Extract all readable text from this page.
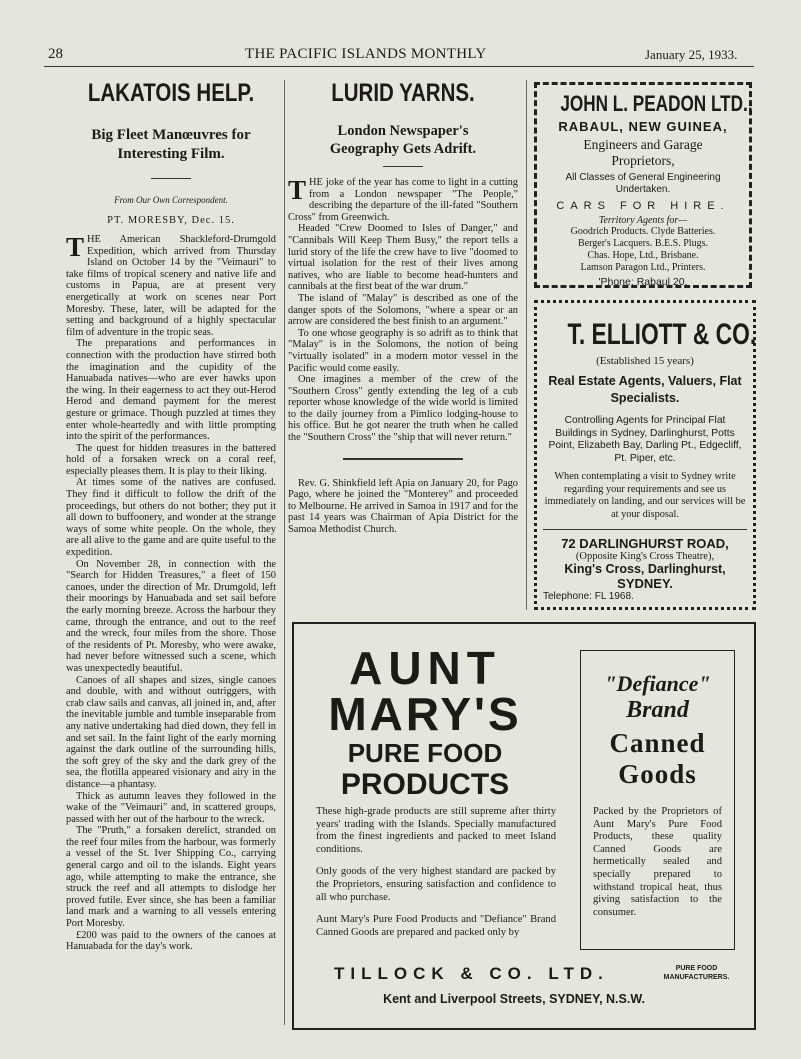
28	THE PACIFIC ISLANDS MONTHLY	January 25, 1933.
LAKATOIS HELP.
Big Fleet Manœuvres for Interesting Film.
From Our Own Correspondent.
PT. MORESBY, Dec. 15.

THE American Shackleford-Drumgold Expedition, which arrived from Thursday Island on October 14 by the "Veimauri" to take films of tropical scenery and native life and customs in Papua, are at present very energetically at work on scenes near Port Moresby. These, later, will be adapted for the setting and background of a highly spectacular film of adventure in the tropic seas.

The preparations and performances in connection with the production have stirred both the imagination and the cupidity of the Hanuabada natives—who are ever hawks upon the wing. In their eagerness to act they out-Herod Herod and demand payment for the merest gesture or grimace. Though puzzled at times they enter whole-heartedly and with little prompting into the spirit of the performances.

The quest for hidden treasures in the battered hold of a forsaken wreck on a coral reef, especially pleases them. It is play to their liking.

At times some of the natives are confused. They find it difficult to follow the drift of the proceedings, but others do not bother; they put it all down to buffoonery, and wonder at the strange ways of some white people. On the whole, they are all alive to the game and are quite useful to the expedition.

On November 28, in connection with the "Search for Hidden Treasures," a fleet of 150 canoes, under the direction of Mr. Drumgold, left their moorings by Hanuabada and set sail before the early morning breeze. Across the harbour they came, through the entrance, and out to the reef and the wreck, four miles from the shore. Those of the residents of Pt. Moresby, who were awake, had never before witnessed such a scene, which was unexpectedly beautiful.

Canoes of all shapes and sizes, single canoes and double, with and without outriggers, with crab claw sails and canvas, all joined in, and, after the inevitable jumble and tumble inseparable from any native undertaking had died down, they fell in and set sail. In the faint light of the early morning against the dark outline of the surrounding hills, the soft grey of the sky and the dark grey of the sea, the flotilla appeared visionary and airy in the distance—a phantasy.

Thick as autumn leaves they followed in the wake of the "Veimauri" and, in scattered groups, passed with her out of the harbour to the wreck.

The "Pruth," a forsaken derelict, stranded on the reef four miles from the harbour, was formerly a vessel of the St. Iver Shipping Co., carrying general cargo and oil to the islands. Eight years ago, while attempting to make the entrance, she struck the reef and all attempts to dislodge her proved futile. Ever since, she has been a familiar land mark and a warning to all vessels entering Port Moresby.

£200 was paid to the owners of the canoes at Hanuabada for the day's work.

LURID YARNS.
London Newspaper's Geography Gets Adrift.

THE joke of the year has come to light in a cutting from a London newspaper "The People," describing the departure of the ill-fated "Southern Cross" from Greenwich.

Headed "Crew Doomed to Isles of Danger," and "Cannibals Will Keep Them Busy," the report tells a lurid story of the life the crew have to live "doomed to virtual isolation for the rest of their lives among natives, who are liable to become head-hunters and cannibals at the first beat of the war drum."

The island of "Malay" is described as one of the danger spots of the Solomons, "where a spear or an arrow are considered the best finish to an argument."

To one whose geography is so adrift as to think that "Malay" is in the Solomons, the notion of being "virtually isolated" in a modern motor vessel in the Pacific would come easily.

One imagines a member of the crew of the "Southern Cross" gently extending the leg of a cub reporter whose knowledge of the wide world is limited to the daily journey from a Pimlico lodging-house to his office. But he got nearer the truth when he called the "Southern Cross" the "ship that will never return."

Rev. G. Shinkfield left Apia on January 20, for Pago Pago, where he joined the "Monterey" and proceeded to Melbourne. He arrived in Samoa in 1917 and for the past 14 years was Chairman of Apia District for the Samoa Methodist Church.

JOHN L. PEADON LTD.,
RABAUL, NEW GUINEA,
Engineers and Garage
Proprietors,
All Classes of General Engineering Undertaken.
CARS FOR HIRE.
Territory Agents for—
Goodrich Products. Clyde Batteries.
Berger's Lacquers. B.E.S. Plugs.
Chas. Hope, Ltd., Brisbane.
Lamson Paragon Ltd., Printers.
'Phone: Rabaul 20.
T. ELLIOTT & CO.
(Established 15 years)
Real Estate Agents, Valuers, Flat Specialists.
Controlling Agents for Principal Flat Buildings in Sydney, Darlinghurst, Potts Point, Elizabeth Bay, Darling Pt., Edgecliff, Pt. Piper, etc.
When contemplating a visit to Sydney write regarding your requirements and see us immediately on landing, and our services will be at your disposal.
72 DARLINGHURST ROAD,
(Opposite King's Cross Theatre),
King's Cross, Darlinghurst,
SYDNEY.
Telephone: FL 1968.
AUNT
MARY'S
PURE FOOD
PRODUCTS

These high-grade products are still supreme after thirty years' trading with the Islands. Specially manufactured from the finest ingredients and packed to meet Island conditions.

Only goods of the very highest standard are packed by the Proprietors, ensuring satisfaction and confidence to all who purchase.

Aunt Mary's Pure Food Products and "Defiance" Brand Canned Goods are prepared and packed only by

"Defiance"
Brand
Canned
Goods

Packed by the Proprietors of Aunt Mary's Pure Food Products, these quality Canned Goods are hermetically sealed and specially prepared to withstand tropical heat, thus giving satisfaction to the consumer.

TILLOCK & CO. LTD.	PURE FOOD MANUFACTURERS.
Kent and Liverpool Streets, SYDNEY, N.S.W.
